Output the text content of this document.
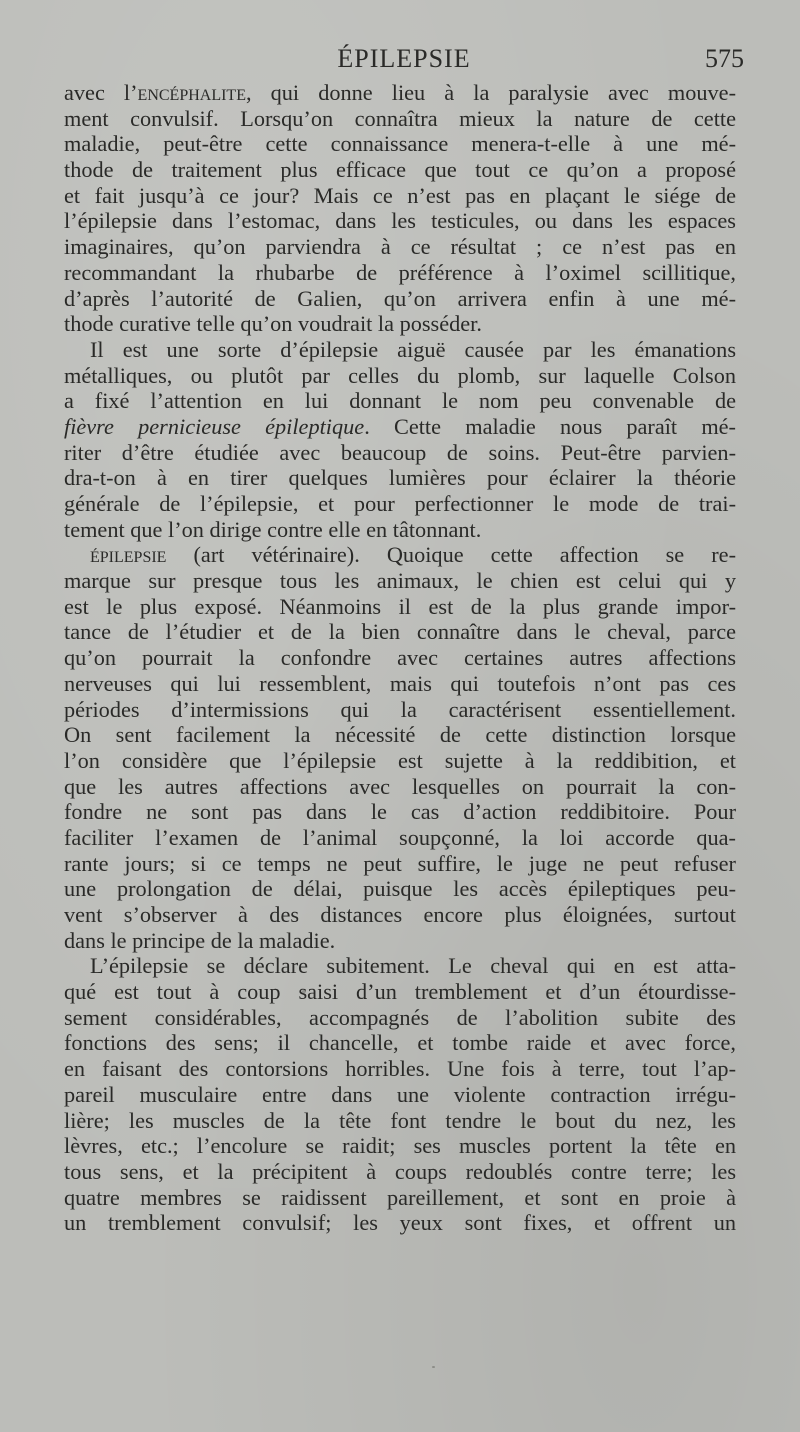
ÉPILEPSIE	575
avec l’encéphalite, qui donne lieu à la paralysie avec mouve-
ment convulsif. Lorsqu’on connaîtra mieux la nature de cette
maladie, peut-être cette connaissance menera-t-elle à une mé-
thode de traitement plus efficace que tout ce qu’on a proposé
et fait jusqu’à ce jour? Mais ce n’est pas en plaçant le siége de
l’épilepsie dans l’estomac, dans les testicules, ou dans les espaces
imaginaires, qu’on parviendra à ce résultat ; ce n’est pas en
recommandant la rhubarbe de préférence à l’oximel scillitique,
d’après l’autorité de Galien, qu’on arrivera enfin à une mé-
thode curative telle qu’on voudrait la posséder.
Il est une sorte d’épilepsie aiguë causée par les émanations
métalliques, ou plutôt par celles du plomb, sur laquelle Colson
a fixé l’attention en lui donnant le nom peu convenable de
fièvre pernicieuse épileptique. Cette maladie nous paraît mé-
riter d’être étudiée avec beaucoup de soins. Peut-être parvien-
dra-t-on à en tirer quelques lumières pour éclairer la théorie
générale de l’épilepsie, et pour perfectionner le mode de trai-
tement que l’on dirige contre elle en tâtonnant.
épilepsie (art vétérinaire). Quoique cette affection se re-
marque sur presque tous les animaux, le chien est celui qui y
est le plus exposé. Néanmoins il est de la plus grande impor-
tance de l’étudier et de la bien connaître dans le cheval, parce
qu’on pourrait la confondre avec certaines autres affections
nerveuses qui lui ressemblent, mais qui toutefois n’ont pas ces
périodes d’intermissions qui la caractérisent essentiellement.
On sent facilement la nécessité de cette distinction lorsque
l’on considère que l’épilepsie est sujette à la reddibition, et
que les autres affections avec lesquelles on pourrait la con-
fondre ne sont pas dans le cas d’action reddibitoire. Pour
faciliter l’examen de l’animal soupçonné, la loi accorde qua-
rante jours; si ce temps ne peut suffire, le juge ne peut refuser
une prolongation de délai, puisque les accès épileptiques peu-
vent s’observer à des distances encore plus éloignées, surtout
dans le principe de la maladie.
L’épilepsie se déclare subitement. Le cheval qui en est atta-
qué est tout à coup saisi d’un tremblement et d’un étourdisse-
sement considérables, accompagnés de l’abolition subite des
fonctions des sens; il chancelle, et tombe raide et avec force,
en faisant des contorsions horribles. Une fois à terre, tout l’ap-
pareil musculaire entre dans une violente contraction irrégu-
lière; les muscles de la tête font tendre le bout du nez, les
lèvres, etc.; l’encolure se raidit; ses muscles portent la tête en
tous sens, et la précipitent à coups redoublés contre terre; les
quatre membres se raidissent pareillement, et sont en proie à
un tremblement convulsif; les yeux sont fixes, et offrent un
